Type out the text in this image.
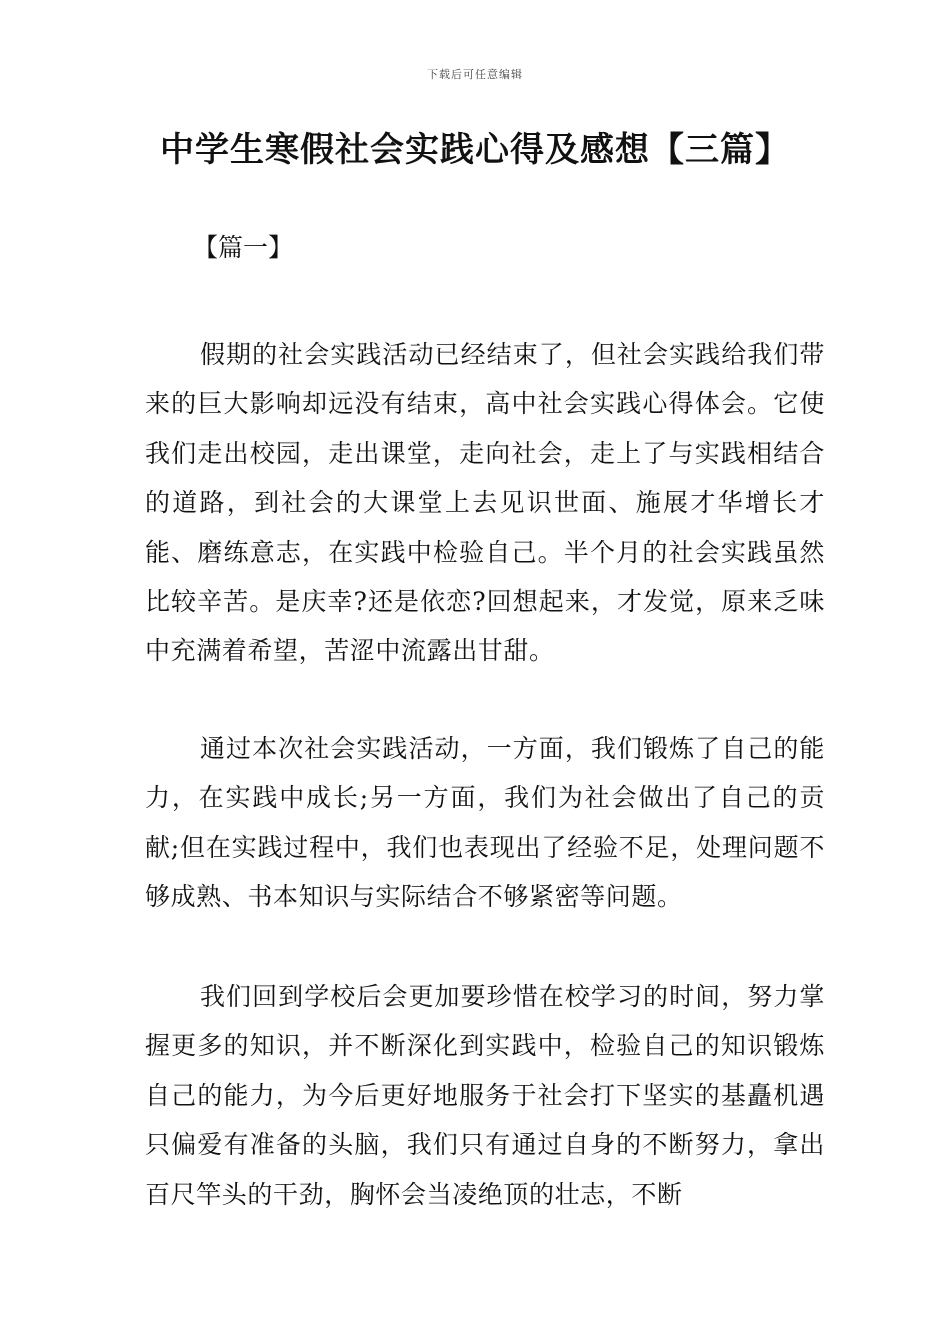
下载后可任意编辑
中学生寒假社会实践心得及感想【三篇】
【篇一】

假期的社会实践活动已经结束了，但社会实践给我们带来的巨大影响却远没有结束，高中社会实践心得体会。它使我们走出校园，走出课堂，走向社会，走上了与实践相结合的道路，到社会的大课堂上去见识世面、施展才华增长才能、磨练意志，在实践中检验自己。半个月的社会实践虽然比较辛苦。是庆幸?还是依恋?回想起来，才发觉，原来乏味中充满着希望，苦涩中流露出甘甜。

通过本次社会实践活动，一方面，我们锻炼了自己的能力，在实践中成长;另一方面，我们为社会做出了自己的贡献;但在实践过程中，我们也表现出了经验不足，处理问题不够成熟、书本知识与实际结合不够紧密等问题。

我们回到学校后会更加要珍惜在校学习的时间，努力掌握更多的知识，并不断深化到实践中，检验自己的知识锻炼自己的能力，为今后更好地服务于社会打下坚实的基矗机遇只偏爱有准备的头脑，我们只有通过自身的不断努力，拿出百尺竿头的干劲，胸怀会当凌绝顶的壮志，不断
